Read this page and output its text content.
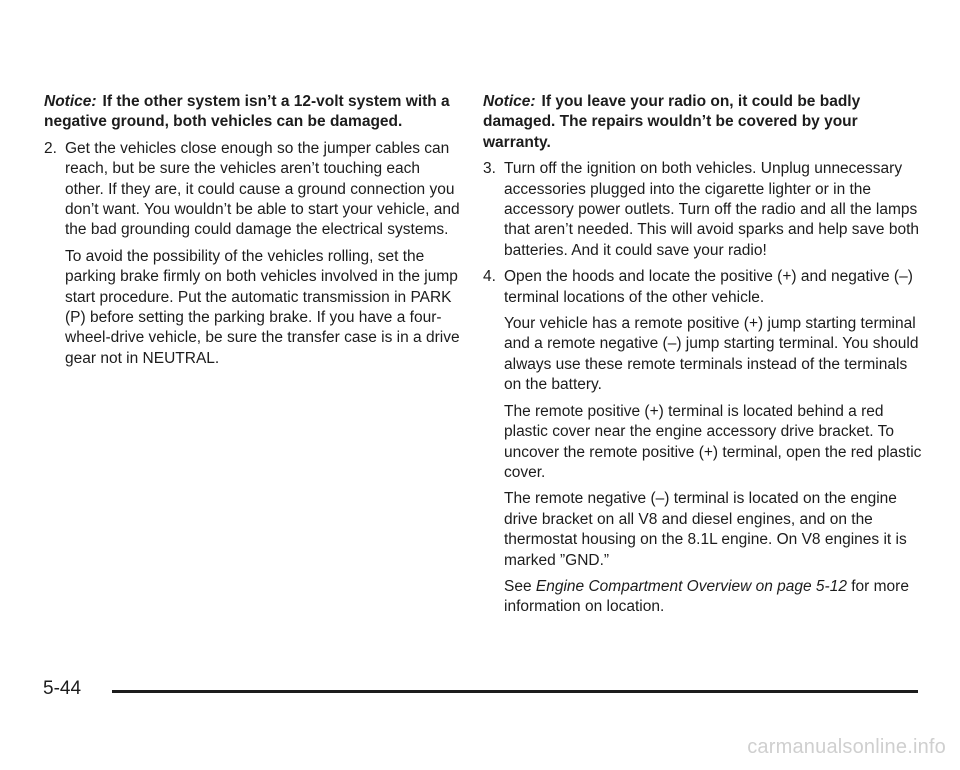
Notice: If the other system isn’t a 12-volt system with a negative ground, both vehicles can be damaged.

2. Get the vehicles close enough so the jumper cables can reach, but be sure the vehicles aren’t touching each other. If they are, it could cause a ground connection you don’t want. You wouldn’t be able to start your vehicle, and the bad grounding could damage the electrical systems.

To avoid the possibility of the vehicles rolling, set the parking brake firmly on both vehicles involved in the jump start procedure. Put the automatic transmission in PARK (P) before setting the parking brake. If you have a four-wheel-drive vehicle, be sure the transfer case is in a drive gear not in NEUTRAL.

Notice: If you leave your radio on, it could be badly damaged. The repairs wouldn’t be covered by your warranty.

3. Turn off the ignition on both vehicles. Unplug unnecessary accessories plugged into the cigarette lighter or in the accessory power outlets. Turn off the radio and all the lamps that aren’t needed. This will avoid sparks and help save both batteries. And it could save your radio!

4. Open the hoods and locate the positive (+) and negative (–) terminal locations of the other vehicle.

Your vehicle has a remote positive (+) jump starting terminal and a remote negative (–) jump starting terminal. You should always use these remote terminals instead of the terminals on the battery.

The remote positive (+) terminal is located behind a red plastic cover near the engine accessory drive bracket. To uncover the remote positive (+) terminal, open the red plastic cover.

The remote negative (–) terminal is located on the engine drive bracket on all V8 and diesel engines, and on the thermostat housing on the 8.1L engine. On V8 engines it is marked ”GND.”

See Engine Compartment Overview on page 5-12 for more information on location.

5-44
carmanualsonline.info
